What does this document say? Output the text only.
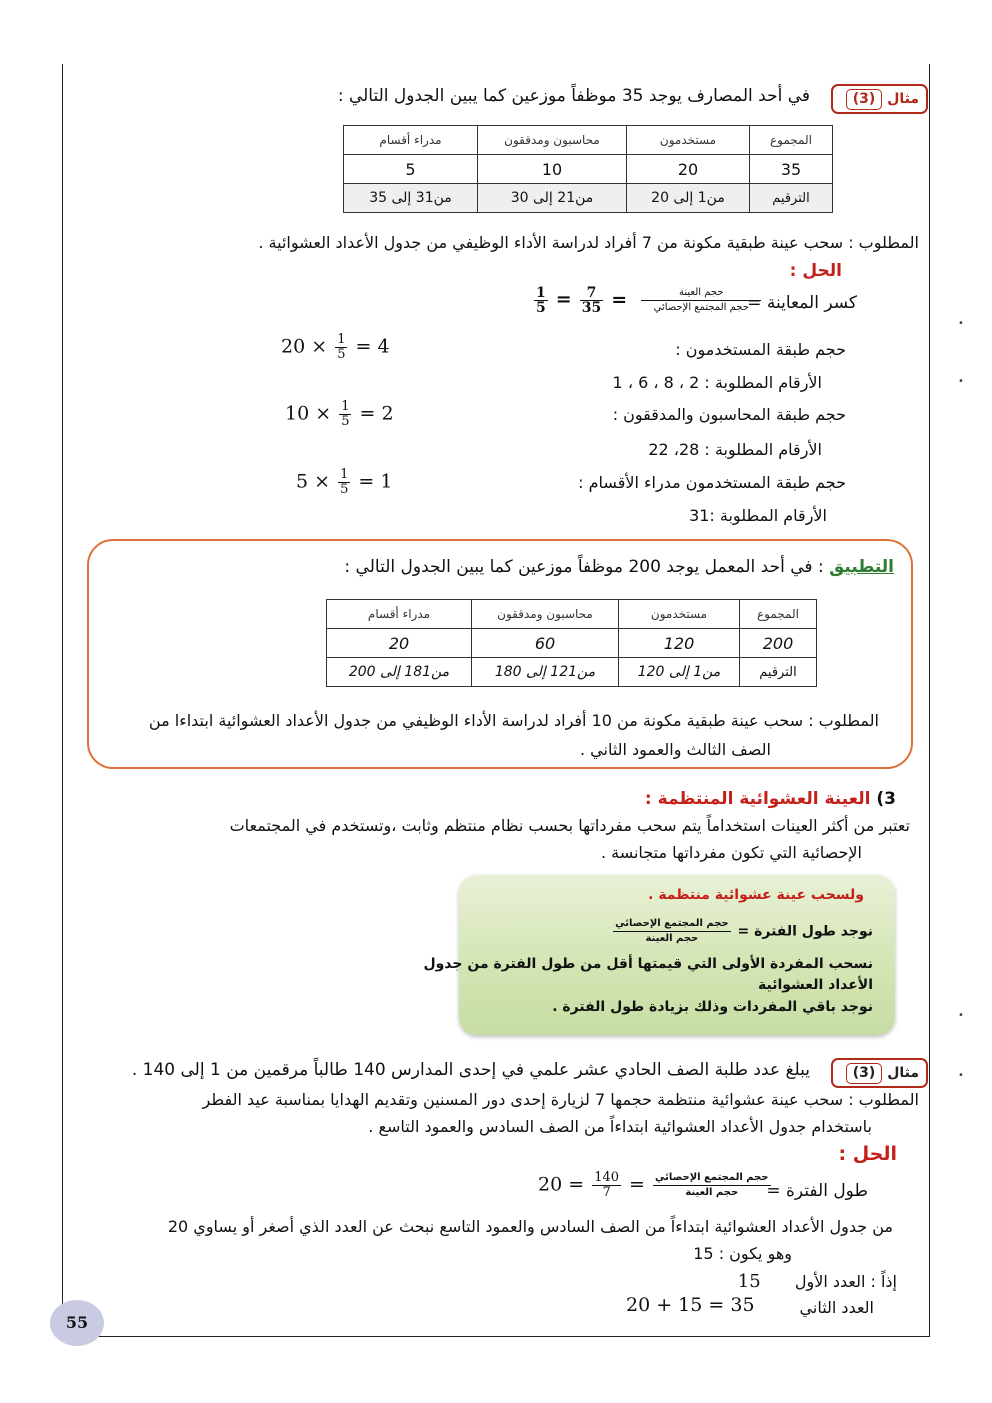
مثال (3)
في أحد المصارف يوجد 35 موظفاً موزعين كما يبين الجدول التالي :
المجموع	مستخدمون	محاسبون ومدققون	مدراء أقسام
35	20	10	5
الترقيم	من1 إلى 20	من21 إلى 30	من31 إلى 35
المطلوب : سحب عينة طبقية مكونة من 7 أفراد لدراسة الأداء الوظيفي من جدول الأعداد العشوائية .
الحل :
كسر المعاينة =
$\frac{1}{5} = \frac{7}{35} = \frac{\text{حجم العينة}}{\text{حجم المجتمع الإحصائي}}$
حجم طبقة المستخدمون :
$20 \times \frac{1}{5} = 4$
الأرقام المطلوبة : 2 ، 8 ، 6 ، 1
حجم طبقة المحاسبون والمدققون :
$10 \times \frac{1}{5} = 2$
الأرقام المطلوبة : 28، 22
حجم طبقة المستخدمون مدراء الأقسام :
$5 \times \frac{1}{5} = 1$
الأرقام المطلوبة :31
التطبيق : في أحد المعمل يوجد 200 موظفاً موزعين كما يبين الجدول التالي :
المجموع	مستخدمون	محاسبون ومدققون	مدراء أقسام
200	120	60	20
الترقيم	من1 إلى 120	من121 إلى 180	من181 إلى 200
المطلوب : سحب عينة طبقية مكونة من 10 أفراد لدراسة الأداء الوظيفي من جدول الأعداد العشوائية ابتداءا من
الصف الثالث والعمود الثاني .
3) العينة العشوائية المنتظمة :
تعتبر من أكثر العينات استخداماً يتم سحب مفرداتها بحسب نظام منتظم وثابت ،وتستخدم في المجتمعات
الإحصائية التي تكون مفرداتها متجانسة .
ولسحب عينة عشوائية منتظمة .
نوجد طول الفترة =
$\frac{\text{حجم المجتمع الإحصائي}}{\text{حجم العينة}}$
نسحب المفردة الأولى التي قيمتها أقل من طول الفترة من جدول
الأعداد العشوائية
نوجد باقي المفردات وذلك بزيادة طول الفترة .
مثال (3)
يبلغ عدد طلبة الصف الحادي عشر علمي في إحدى المدارس 140 طالباً مرقمين من 1 إلى 140 .
المطلوب : سحب عينة عشوائية منتظمة حجمها 7 لزيارة إحدى دور المسنين وتقديم الهدايا بمناسبة عيد الفطر
باستخدام جدول الأعداد العشوائية ابتداءاً من الصف السادس والعمود التاسع .
الحل :
طول الفترة =
$20 = \frac{140}{7} = \frac{\text{حجم المجتمع الإحصائي}}{\text{حجم العينة}}$
من جدول الأعداد العشوائية ابتداءاً من الصف السادس والعمود التاسع نبحث عن العدد الذي أصغر أو يساوي 20
وهو يكون : 15
إذاً : العدد الأول  15
العدد الثاني
20 + 15 = 35
55
•
•
•
•
